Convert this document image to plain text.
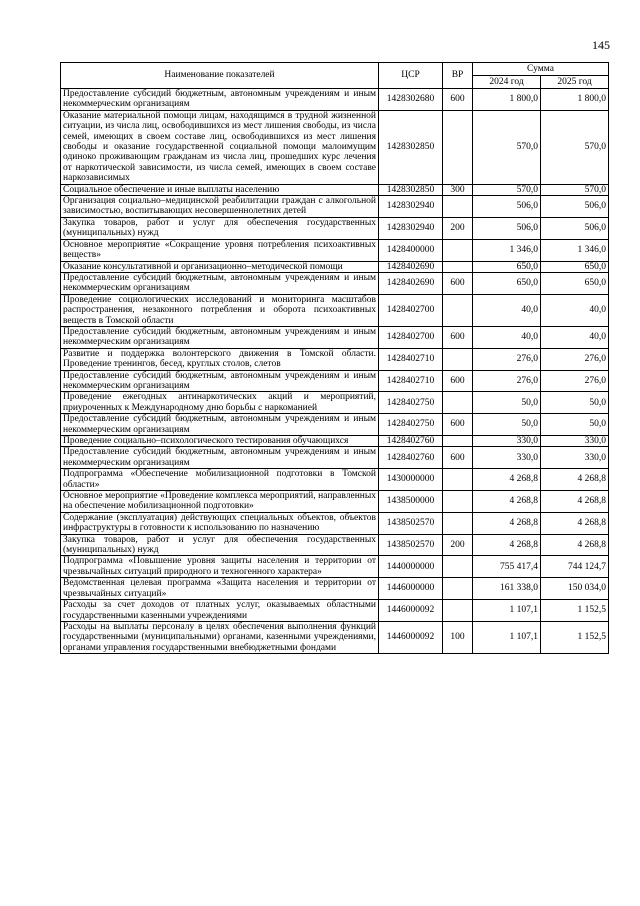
145
Наименование показателей	ЦСР	ВР	Сумма	
			2024 год	2025 год
Предоставление субсидий бюджетным, автономным учреждениям и иным некоммерческим организациям	1428302680	600	1 800,0	1 800,0
Оказание материальной помощи лицам, находящимся в трудной жизненной ситуации, из числа лиц, освободившихся из мест лишения свободы, из числа семей, имеющих в своем составе лиц, освободившихся из мест лишения свободы и оказание государственной социальной помощи малоимущим одиноко проживающим гражданам из числа лиц, прошедших курс лечения от наркотической зависимости, из числа семей, имеющих в своем составе наркозависимых	1428302850		570,0	570,0
Социальное обеспечение и иные выплаты населению	1428302850	300	570,0	570,0
Организация социально–медицинской реабилитации граждан с алкогольной зависимостью, воспитывающих несовершеннолетних детей	1428302940		506,0	506,0
Закупка товаров, работ и услуг для обеспечения государственных (муниципальных) нужд	1428302940	200	506,0	506,0
Основное мероприятие «Сокращение уровня потребления психоактивных веществ»	1428400000		1 346,0	1 346,0
Оказание консультативной и организационно–методической помощи	1428402690		650,0	650,0
Предоставление субсидий бюджетным, автономным учреждениям и иным некоммерческим организациям	1428402690	600	650,0	650,0
Проведение социологических исследований и мониторинга масштабов распространения, незаконного потребления и оборота психоактивных веществ в Томской области	1428402700		40,0	40,0
Предоставление субсидий бюджетным, автономным учреждениям и иным некоммерческим организациям	1428402700	600	40,0	40,0
Развитие и поддержка волонтерского движения в Томской области. Проведение тренингов, бесед, круглых столов, слетов	1428402710		276,0	276,0
Предоставление субсидий бюджетным, автономным учреждениям и иным некоммерческим организациям	1428402710	600	276,0	276,0
Проведение ежегодных антинаркотических акций и мероприятий, приуроченных к Международному дню борьбы с наркоманией	1428402750		50,0	50,0
Предоставление субсидий бюджетным, автономным учреждениям и иным некоммерческим организациям	1428402750	600	50,0	50,0
Проведение социально–психологического тестирования обучающихся	1428402760		330,0	330,0
Предоставление субсидий бюджетным, автономным учреждениям и иным некоммерческим организациям	1428402760	600	330,0	330,0
Подпрограмма «Обеспечение мобилизационной подготовки в Томской области»	1430000000		4 268,8	4 268,8
Основное мероприятие «Проведение комплекса мероприятий, направленных на обеспечение мобилизационной подготовки»	1438500000		4 268,8	4 268,8
Содержание (эксплуатация) действующих специальных объектов, объектов инфраструктуры в готовности к использованию по назначению	1438502570		4 268,8	4 268,8
Закупка товаров, работ и услуг для обеспечения государственных (муниципальных) нужд	1438502570	200	4 268,8	4 268,8
Подпрограмма «Повышение уровня защиты населения и территории от чрезвычайных ситуаций природного и техногенного характера»	1440000000		755 417,4	744 124,7
Ведомственная целевая программа «Защита населения и территории от чрезвычайных ситуаций»	1446000000		161 338,0	150 034,0
Расходы за счет доходов от платных услуг, оказываемых областными государственными казенными учреждениями	1446000092		1 107,1	1 152,5
Расходы на выплаты персоналу в целях обеспечения выполнения функций государственными (муниципальными) органами, казенными учреждениями, органами управления государственными внебюджетными фондами	1446000092	100	1 107,1	1 152,5
